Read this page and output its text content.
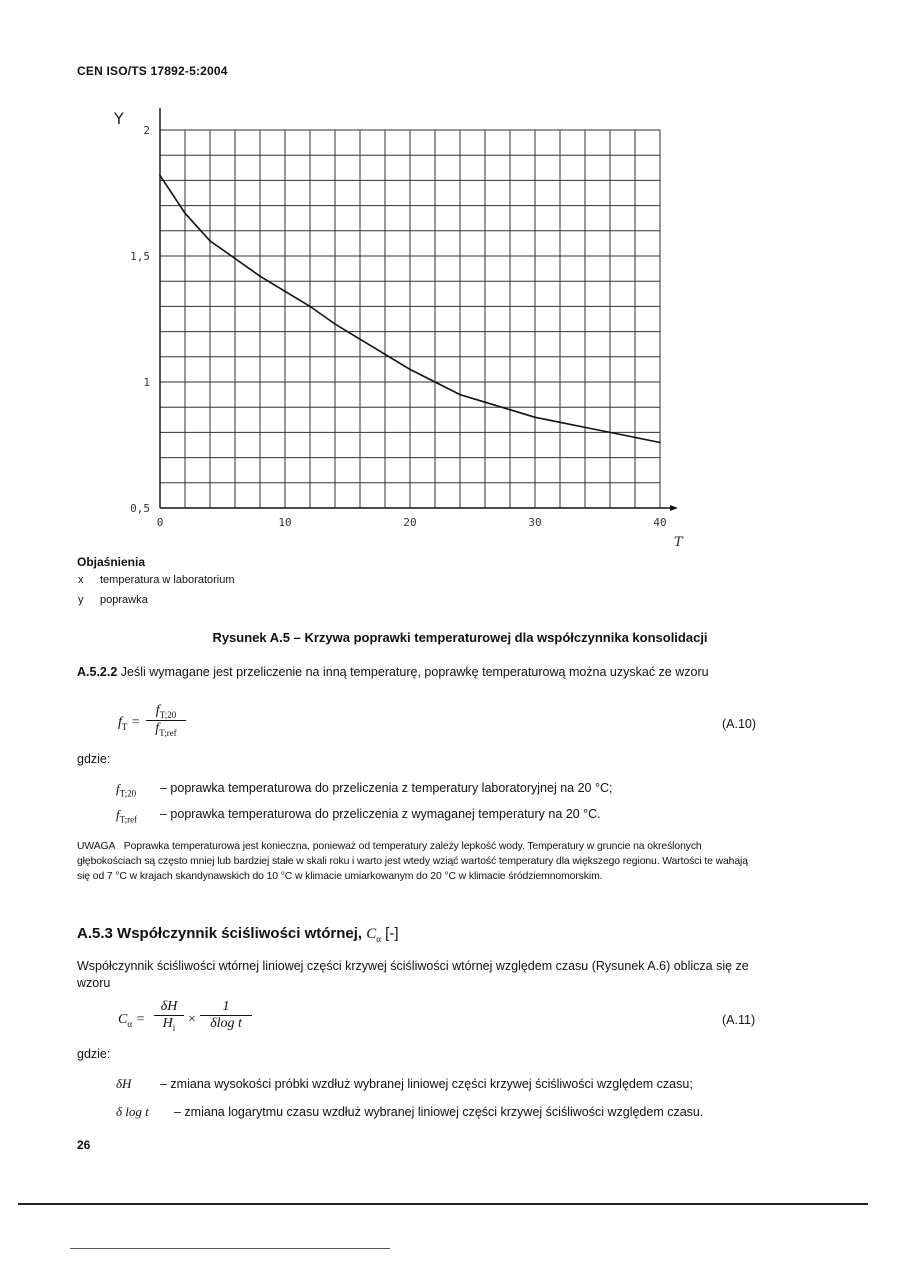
CEN ISO/TS 17892-5:2004
0	10	20	30	40
0,5
1
1,5
2
Y
T
Objaśnienia
x temperatura w laboratorium
y poprawka
Rysunek A.5 – Krzywa poprawki temperaturowej dla współczynnika konsolidacji
A.5.2.2 Jeśli wymagane jest przeliczenie na inną temperaturę, poprawkę temperaturową można uzyskać ze wzoru
$f_T$ =
$f_{T;20}$
$f_{T;ref}$
(A.10)
gdzie:
$f_{T;20}$ – poprawka temperaturowa do przeliczenia z temperatury laboratoryjnej na 20 °C;
$f_{T;ref}$ – poprawka temperaturowa do przeliczenia z wymaganej temperatury na 20 °C.
UWAGA Poprawka temperaturowa jest konieczna, ponieważ od temperatury zależy lepkość wody. Temperatury w gruncie na określonych głębokościach są często mniej lub bardziej stałe w skali roku i warto jest wtedy wziąć wartość temperatury dla większego regionu. Wartości te wahają się od 7 °C w krajach skandynawskich do 10 °C w klimacie umiarkowanym do 20 °C w klimacie śródziemnomorskim.
A.5.3 Współczynnik ściśliwości wtórnej, $C_\alpha$ [-]
Współczynnik ściśliwości wtórnej liniowej części krzywej ściśliwości wtórnej względem czasu (Rysunek A.6) oblicza się ze wzoru
$C_\alpha = \frac{\delta H}{H_i} \times \frac{1}{\text{δlog t}}$	(A.11)
gdzie:
δH – zmiana wysokości próbki wzdłuż wybranej liniowej części krzywej ściśliwości względem czasu;
δ log t – zmiana logarytmu czasu wzdłuż wybranej liniowej części krzywej ściśliwości względem czasu.
26
